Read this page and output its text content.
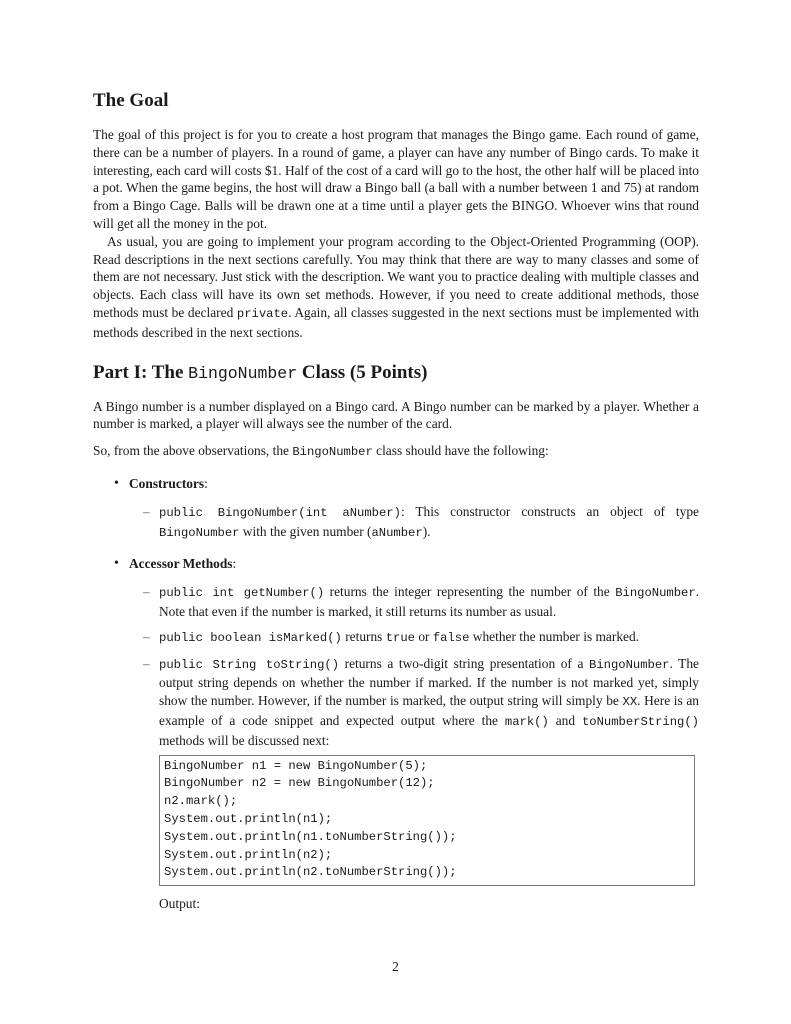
The Goal

The goal of this project is for you to create a host program that manages the Bingo game. Each round of game, there can be a number of players. In a round of game, a player can have any number of Bingo cards. To make it interesting, each card will costs $1. Half of the cost of a card will go to the host, the other half will be placed into a pot. When the game begins, the host will draw a Bingo ball (a ball with a number between 1 and 75) at random from a Bingo Cage. Balls will be drawn one at a time until a player gets the BINGO. Whoever wins that round will get all the money in the pot.

As usual, you are going to implement your program according to the Object-Oriented Programming (OOP). Read descriptions in the next sections carefully. You may think that there are way to many classes and some of them are not necessary. Just stick with the description. We want you to practice dealing with multiple classes and objects. Each class will have its own set methods. However, if you need to create additional methods, those methods must be declared private. Again, all classes suggested in the next sections must be implemented with methods described in the next sections.

Part I: The BingoNumber Class (5 Points)

A Bingo number is a number displayed on a Bingo card. A Bingo number can be marked by a player. Whether a number is marked, a player will always see the number of the card.

So, from the above observations, the BingoNumber class should have the following:

• Constructors:
– public BingoNumber(int aNumber): This constructor constructs an object of type BingoNumber with the given number (aNumber).
• Accessor Methods:
– public int getNumber() returns the integer representing the number of the BingoNumber. Note that even if the number is marked, it still returns its number as usual.
– public boolean isMarked() returns true or false whether the number is marked.
– public String toString() returns a two-digit string presentation of a BingoNumber. The output string depends on whether the number if marked. If the number is not marked yet, simply show the number. However, if the number is marked, the output string will simply be XX. Here is an example of a code snippet and expected output where the mark() and toNumberString() methods will be discussed next:
BingoNumber n1 = new BingoNumber(5);
BingoNumber n2 = new BingoNumber(12);
n2.mark();
System.out.println(n1);
System.out.println(n1.toNumberString());
System.out.println(n2);
System.out.println(n2.toNumberString());
Output:
2
